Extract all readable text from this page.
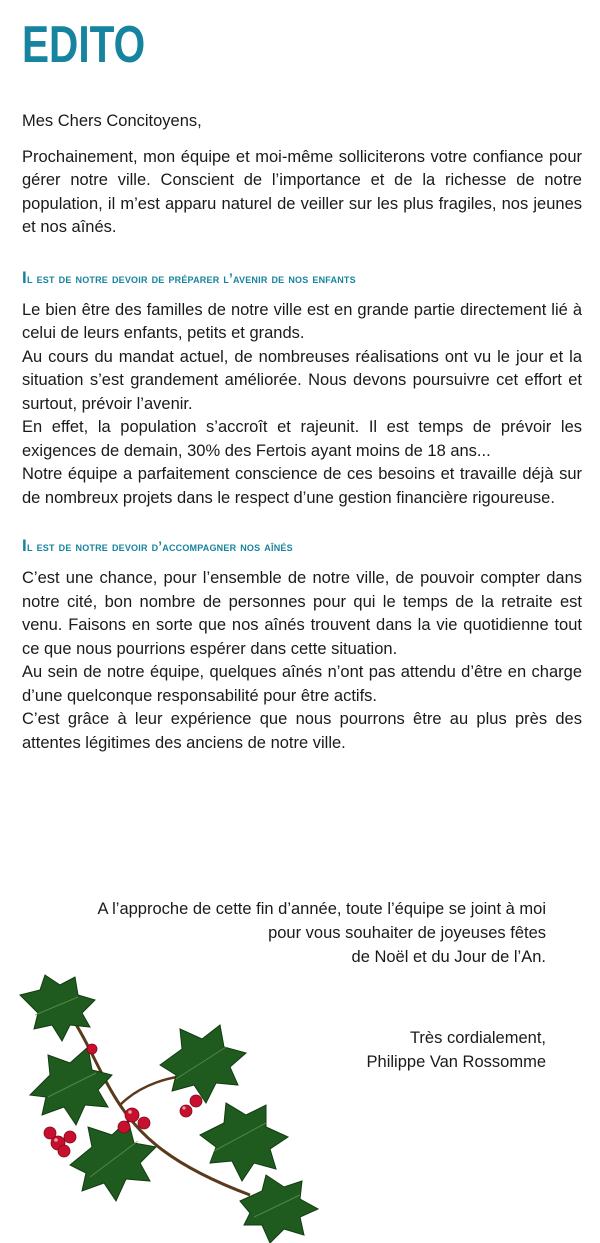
EDITO

Mes Chers Concitoyens,

Prochainement, mon équipe et moi-même solliciterons votre confiance pour gérer notre ville. Conscient de l’importance et de la richesse de notre population, il m’est apparu naturel de veiller sur les plus fragiles, nos jeunes et nos aînés.

Il est de notre devoir de préparer l’avenir de nos enfants

Le bien être des familles de notre ville est en grande partie directement lié à celui de leurs enfants, petits et grands.

Au cours du mandat actuel, de nombreuses réalisations ont vu le jour et la situation s’est grandement améliorée. Nous devons poursuivre cet effort et surtout, prévoir l’avenir.

En effet, la population s’accroît et rajeunit. Il est temps de prévoir les exigences de demain, 30% des Fertois ayant moins de 18 ans...

Notre équipe a parfaitement conscience de ces besoins et travaille déjà sur de nombreux projets dans le respect d’une gestion financière rigoureuse.

Il est de notre devoir d’accompagner nos aînés

C’est une chance, pour l’ensemble de notre ville, de pouvoir compter dans notre cité, bon nombre de personnes pour qui le temps de la retraite est venu. Faisons en sorte que nos aînés trouvent dans la vie quotidienne tout ce que nous pourrions espérer dans cette situation.

Au sein de notre équipe, quelques aînés n’ont pas attendu d’être en charge d’une quelconque responsabilité pour être actifs.

C’est grâce à leur expérience que nous pourrons être au plus près des attentes légitimes des anciens de notre ville.

A l’approche de cette fin d’année, toute l’équipe se joint à moi

pour vous souhaiter de joyeuses fêtes

de Noël et du Jour de l’An.

Très cordialement,

Philippe Van Rossomme
